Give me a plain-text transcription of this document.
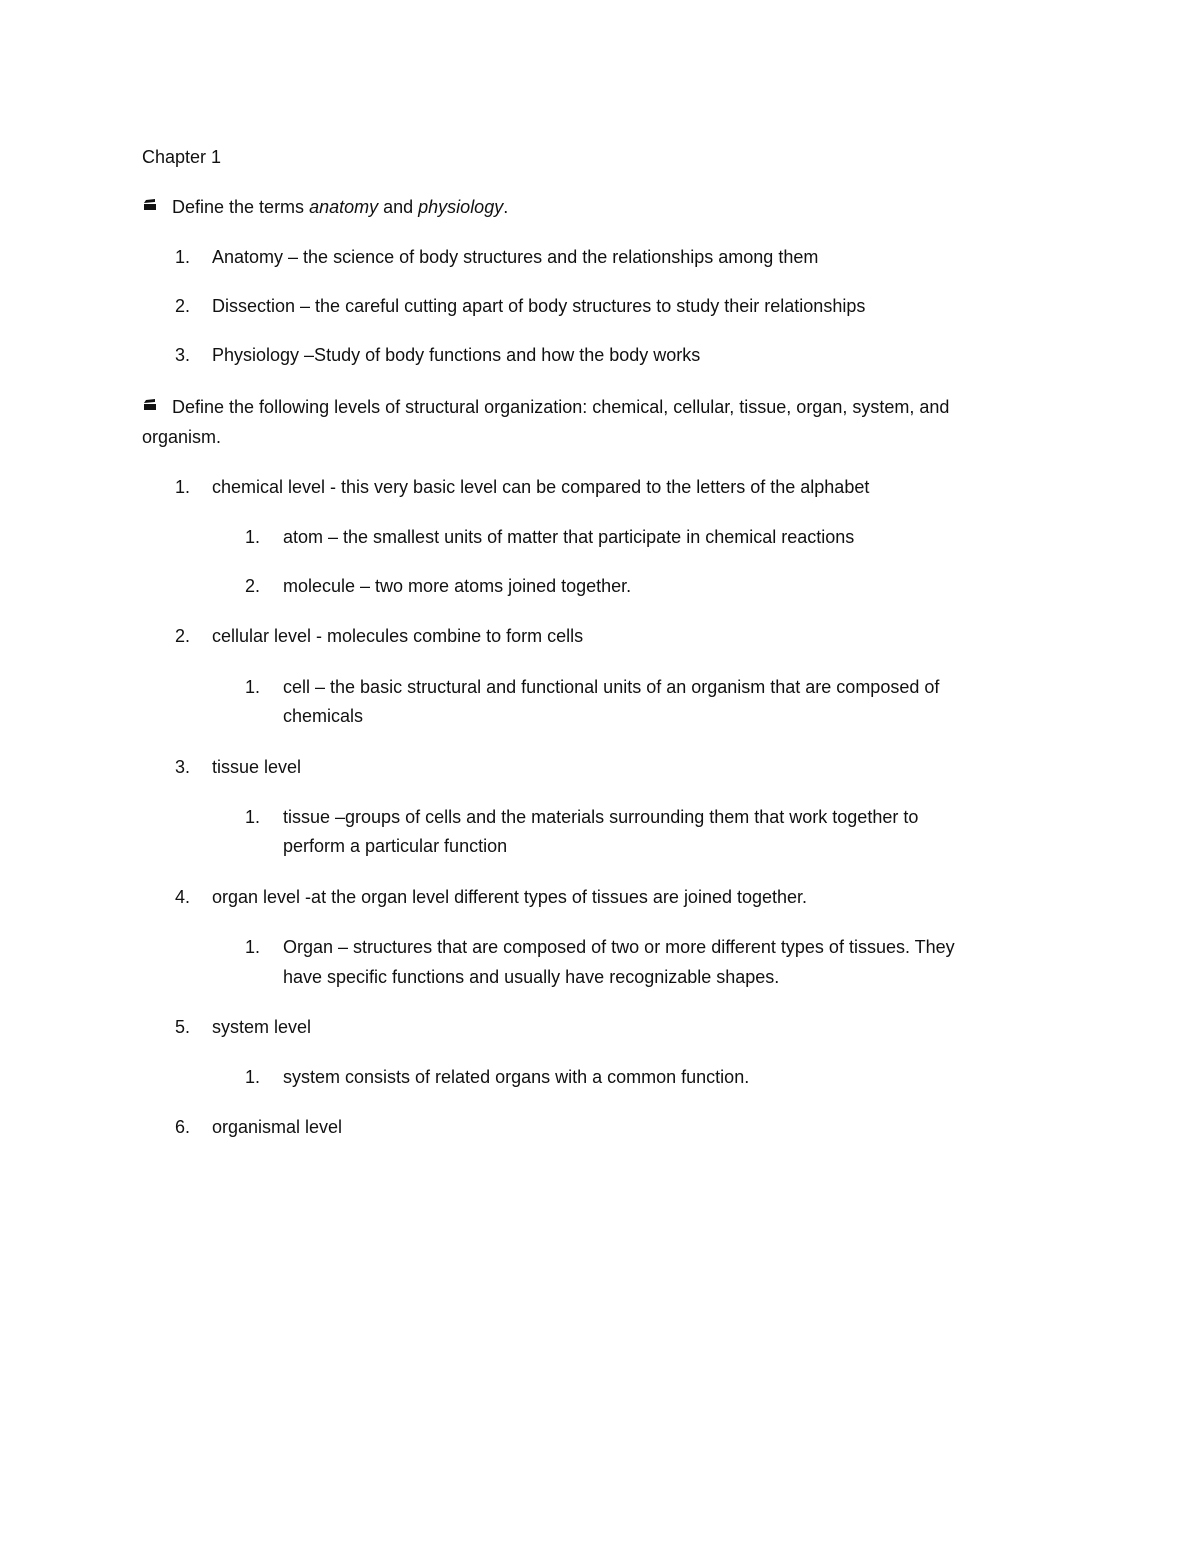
Chapter 1
Define the terms anatomy and physiology.
1. Anatomy – the science of body structures and the relationships among them
2. Dissection – the careful cutting apart of body structures to study their relationships
3. Physiology –Study of body functions and how the body works
Define the following levels of structural organization: chemical, cellular, tissue, organ, system, and
organism.
1. chemical level - this very basic level can be compared to the letters of the alphabet
1. atom – the smallest units of matter that participate in chemical reactions
2. molecule – two more atoms joined together.
2. cellular level - molecules combine to form cells
1. cell – the basic structural and functional units of an organism that are composed of
chemicals
3. tissue level
1. tissue –groups of cells and the materials surrounding them that work together to
perform a particular function
4. organ level -at the organ level different types of tissues are joined together.
1. Organ – structures that are composed of two or more different types of tissues. They
have specific functions and usually have recognizable shapes.
5. system level
1. system consists of related organs with a common function.
6. organismal level
